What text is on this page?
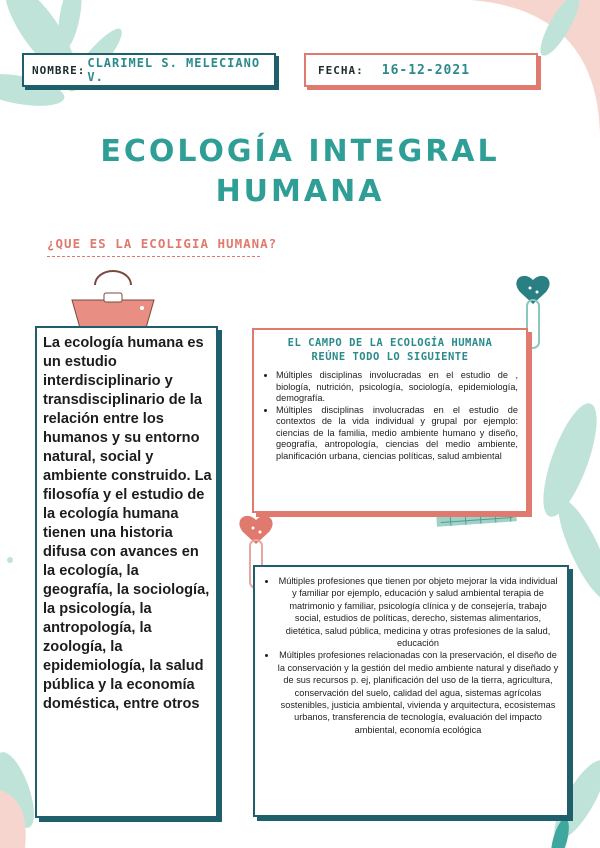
NOMBRE: CLARIMEL S. MELECIANO V.	FECHA: 16-12-2021
ECOLOGÍA INTEGRAL
HUMANA
¿QUE ES LA ECOLIGIA HUMANA?
La ecología humana es un estudio interdisciplinario y transdisciplinario de la relación entre los humanos y su entorno natural, social y ambiente construido. La filosofía y el estudio de la ecología humana tienen una historia difusa con avances en la ecología, la geografía, la sociología, la psicología, la antropología, la zoología, la epidemiología, la salud pública y la economía doméstica, entre otros
EL CAMPO DE LA ECOLOGÍA HUMANA
REÚNE TODO LO SIGUIENTE
• Múltiples disciplinas involucradas en el estudio de , biología, nutrición, psicología, sociología, epidemiología, demografía.
• Múltiples disciplinas involucradas en el estudio de contextos de la vida individual y grupal por ejemplo: ciencias de la familia, medio ambiente humano y diseño, geografía, antropología, ciencias del medio ambiente, planificación urbana, ciencias políticas, salud ambiental
• Múltiples profesiones que tienen por objeto mejorar la vida individual y familiar por ejemplo, educación y salud ambiental terapia de matrimonio y familiar, psicología clínica y de consejería, trabajo social, estudios de políticas, derecho, sistemas alimentarios, dietética, salud pública, medicina y otras profesiones de la salud, educación
• Múltiples profesiones relacionadas con la preservación, el diseño de la conservación y la gestión del medio ambiente natural y diseñado y de sus recursos p. ej, planificación del uso de la tierra, agricultura, conservación del suelo, calidad del agua, sistemas agrícolas sostenibles, justicia ambiental, vivienda y arquitectura, ecosistemas urbanos, transferencia de tecnología, evaluación del impacto ambiental, economía ecológica
